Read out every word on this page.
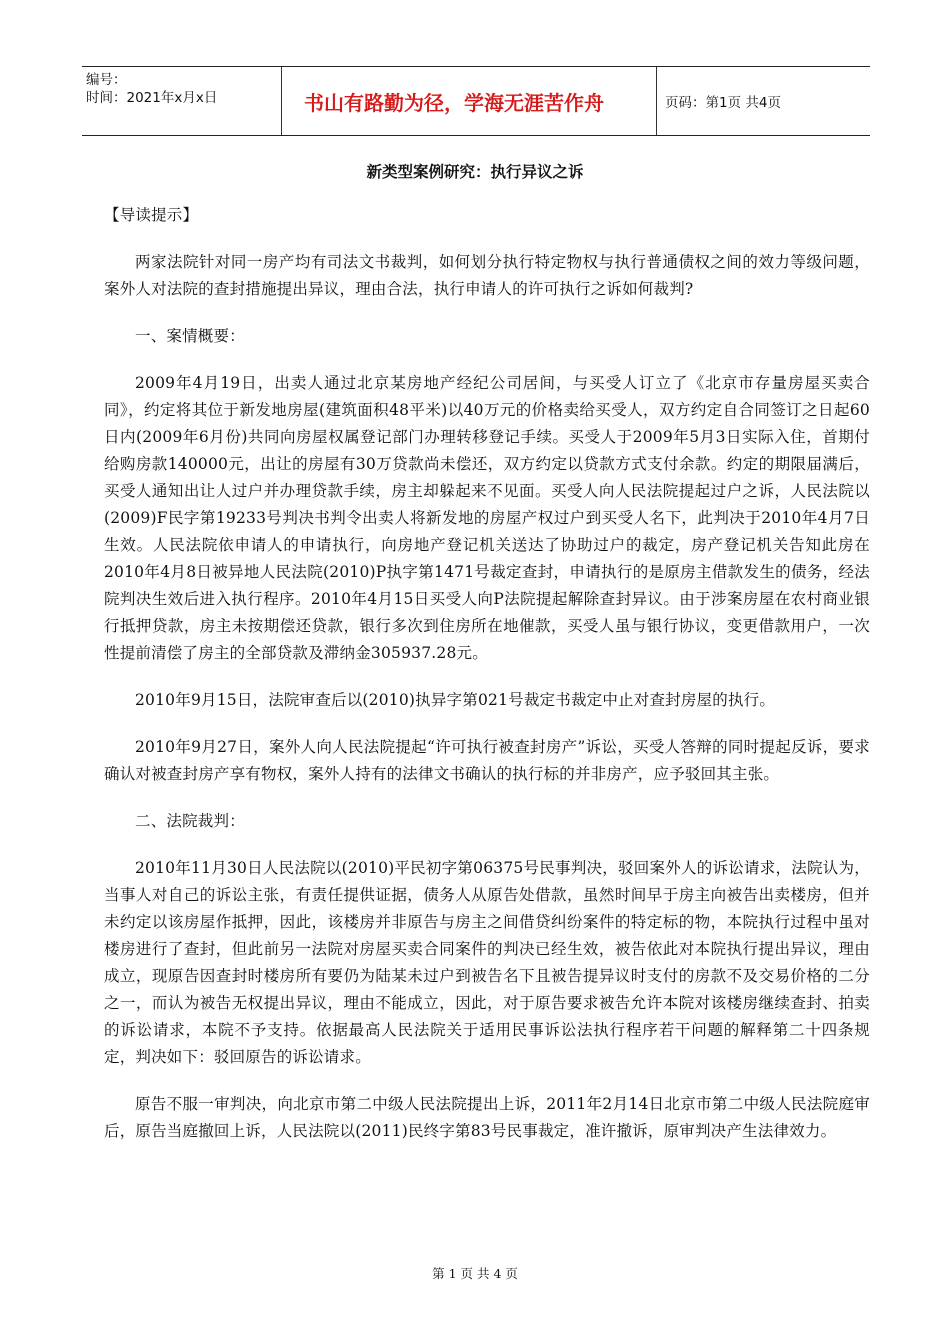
编号：
时间：2021年x月x日	书山有路勤为径，学海无涯苦作舟	页码：第1页 共4页
新类型案例研究：执行异议之诉

【导读提示】

两家法院针对同一房产均有司法文书裁判，如何划分执行特定物权与执行普通债权之间的效力等级问题，案外人对法院的查封措施提出异议，理由合法，执行申请人的许可执行之诉如何裁判?

一、案情概要：

2009年4月19日，出卖人通过北京某房地产经纪公司居间，与买受人订立了《北京市存量房屋买卖合同》，约定将其位于新发地房屋(建筑面积48平米)以40万元的价格卖给买受人，双方约定自合同签订之日起60日内(2009年6月份)共同向房屋权属登记部门办理转移登记手续。买受人于2009年5月3日实际入住，首期付给购房款140000元，出让的房屋有30万贷款尚未偿还，双方约定以贷款方式支付余款。约定的期限届满后，买受人通知出让人过户并办理贷款手续，房主却躲起来不见面。买受人向人民法院提起过户之诉，人民法院以(2009)F民字第19233号判决书判令出卖人将新发地的房屋产权过户到买受人名下，此判决于2010年4月7日生效。人民法院依申请人的申请执行，向房地产登记机关送达了协助过户的裁定，房产登记机关告知此房在2010年4月8日被异地人民法院(2010)P执字第1471号裁定查封，申请执行的是原房主借款发生的债务，经法院判决生效后进入执行程序。2010年4月15日买受人向P法院提起解除查封异议。由于涉案房屋在农村商业银行抵押贷款，房主未按期偿还贷款，银行多次到住房所在地催款，买受人虽与银行协议，变更借款用户，一次性提前清偿了房主的全部贷款及滞纳金305937.28元。

2010年9月15日，法院审查后以(2010)执异字第021号裁定书裁定中止对查封房屋的执行。

2010年9月27日，案外人向人民法院提起“许可执行被查封房产”诉讼，买受人答辩的同时提起反诉，要求确认对被查封房产享有物权，案外人持有的法律文书确认的执行标的并非房产，应予驳回其主张。

二、法院裁判：

2010年11月30日人民法院以(2010)平民初字第06375号民事判决，驳回案外人的诉讼请求，法院认为，当事人对自己的诉讼主张，有责任提供证据，债务人从原告处借款，虽然时间早于房主向被告出卖楼房，但并未约定以该房屋作抵押，因此，该楼房并非原告与房主之间借贷纠纷案件的特定标的物，本院执行过程中虽对楼房进行了查封，但此前另一法院对房屋买卖合同案件的判决已经生效，被告依此对本院执行提出异议，理由成立，现原告因查封时楼房所有要仍为陆某未过户到被告名下且被告提异议时支付的房款不及交易价格的二分之一，而认为被告无权提出异议，理由不能成立，因此，对于原告要求被告允许本院对该楼房继续查封、拍卖的诉讼请求，本院不予支持。依据最高人民法院关于适用民事诉讼法执行程序若干问题的解释第二十四条规定，判决如下：驳回原告的诉讼请求。

原告不服一审判决，向北京市第二中级人民法院提出上诉，2011年2月14日北京市第二中级人民法院庭审后，原告当庭撤回上诉，人民法院以(2011)民终字第83号民事裁定，准许撤诉，原审判决产生法律效力。

第 1 页 共 4 页
